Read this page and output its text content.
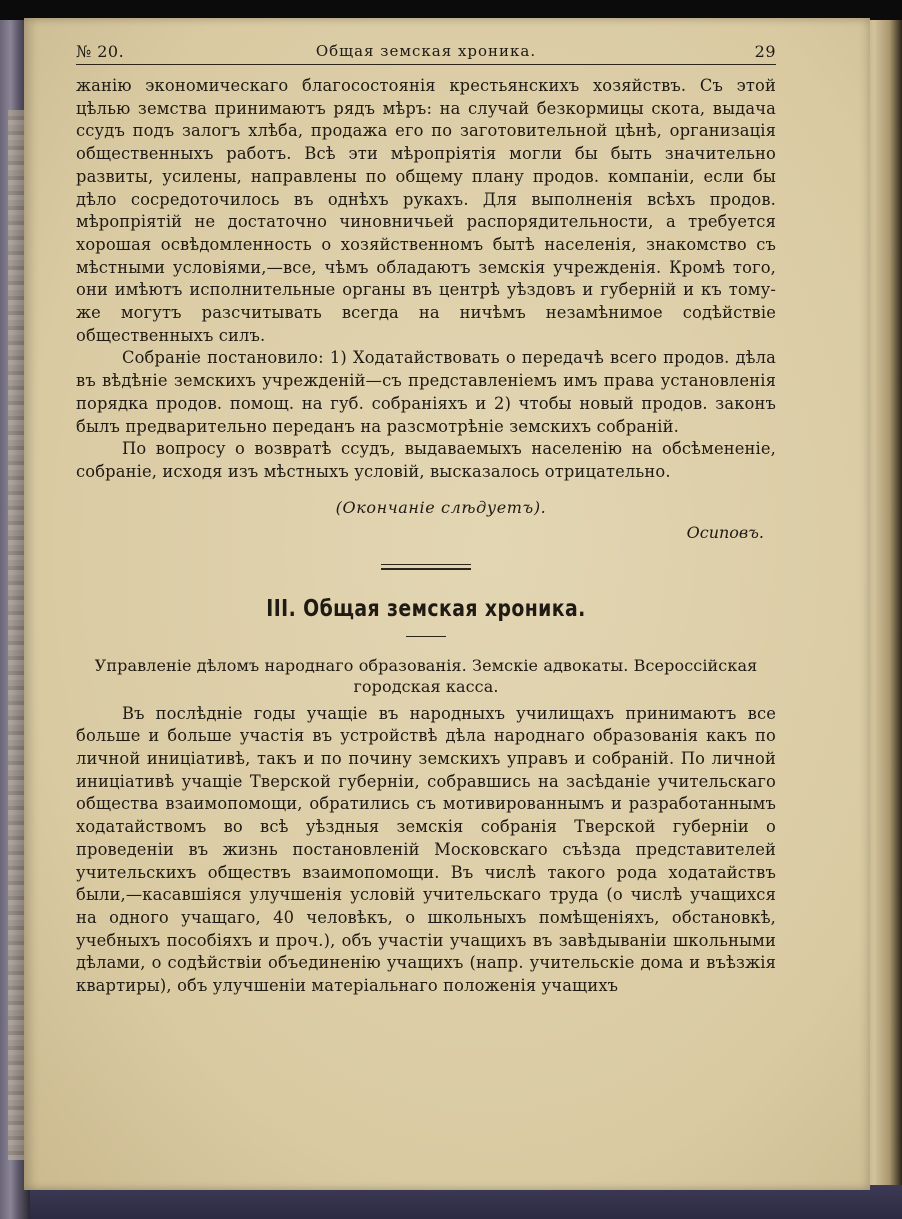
№ 20.	Общая земская хроника.	29

жанію экономическаго благосостоянія крестьянскихъ хозяйствъ. Съ этой цѣлью земства принимаютъ рядъ мѣръ: на случай безкормицы скота, выдача ссудъ подъ залогъ хлѣба, продажа его по заготовительной цѣнѣ, организація общественныхъ работъ. Всѣ эти мѣропріятія могли бы быть значительно развиты, усилены, направлены по общему плану продов. компаніи, если бы дѣло сосредоточилось въ однѣхъ рукахъ. Для выполненія всѣхъ продов. мѣропріятій не достаточно чиновничьей распорядительности, а требуется хорошая освѣдомленность о хозяйственномъ бытѣ населенія, знакомство съ мѣстными условіями,—все, чѣмъ обладаютъ земскія учрежденія. Кромѣ того, они имѣютъ исполнительные органы въ центрѣ уѣздовъ и губерній и къ тому-же могутъ разсчитывать всегда на ничѣмъ незамѣнимое содѣйствіе общественныхъ силъ.

Собраніе постановило: 1) Ходатайствовать о передачѣ всего продов. дѣла въ вѣдѣніе земскихъ учрежденій—съ представленіемъ имъ права установленія порядка продов. помощ. на губ. собраніяхъ и 2) чтобы новый продов. законъ былъ предварительно переданъ на разсмотрѣніе земскихъ собраній.

По вопросу о возвратѣ ссудъ, выдаваемыхъ населенію на обсѣмененіе, собраніе, исходя изъ мѣстныхъ условій, высказалось отрицательно.

(Окончаніе слѣдуетъ).
Осиповъ.
III. Общая земская хроника.
Управленіе дѣломъ народнаго образованія. Земскіе адвокаты. Всероссійская городская касса.

Въ послѣдніе годы учащіе въ народныхъ училищахъ принимаютъ все больше и больше участія въ устройствѣ дѣла народнаго образованія какъ по личной иниціативѣ, такъ и по почину земскихъ управъ и собраній. По личной иниціативѣ учащіе Тверской губерніи, собравшись на засѣданіе учительскаго общества взаимопомощи, обратились съ мотивированнымъ и разработаннымъ ходатайствомъ во всѣ уѣздныя земскія собранія Тверской губерніи о проведеніи въ жизнь постановленій Московскаго съѣзда представителей учительскихъ обществъ взаимопомощи. Въ числѣ такого рода ходатайствъ были,—касавшіяся улучшенія условій учительскаго труда (о числѣ учащихся на одного учащаго, 40 человѣкъ, о школьныхъ помѣщеніяхъ, обстановкѣ, учебныхъ пособіяхъ и проч.), объ участіи учащихъ въ завѣдываніи школьными дѣлами, о содѣйствіи объединенію учащихъ (напр. учительскіе дома и въѣзжія квартиры), объ улучшеніи матеріальнаго положенія учащихъ
